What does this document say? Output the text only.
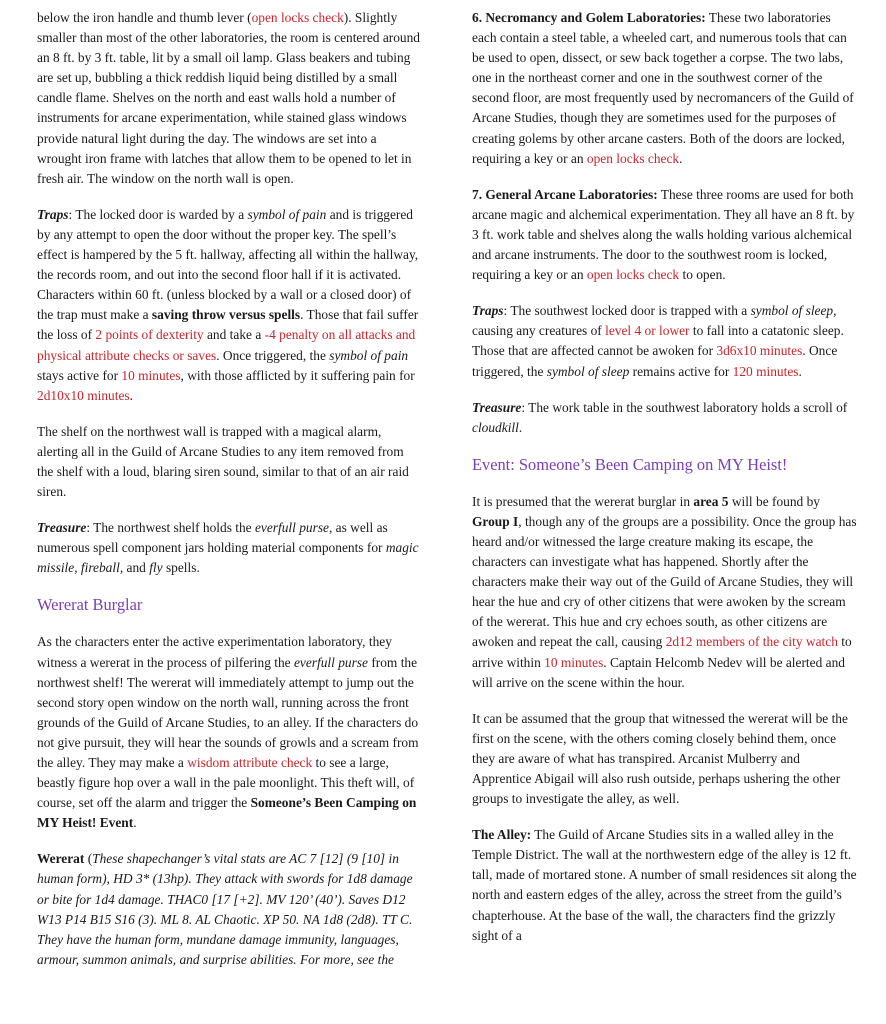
below the iron handle and thumb lever (open locks check). Slightly smaller than most of the other laboratories, the room is centered around an 8 ft. by 3 ft. table, lit by a small oil lamp. Glass beakers and tubing are set up, bubbling a thick reddish liquid being distilled by a small candle flame. Shelves on the north and east walls hold a number of instruments for arcane experimentation, while stained glass windows provide natural light during the day. The windows are set into a wrought iron frame with latches that allow them to be opened to let in fresh air. The window on the north wall is open.

Traps: The locked door is warded by a symbol of pain and is triggered by any attempt to open the door without the proper key. The spell’s effect is hampered by the 5 ft. hallway, affecting all within the hallway, the records room, and out into the second floor hall if it is activated. Characters within 60 ft. (unless blocked by a wall or a closed door) of the trap must make a saving throw versus spells. Those that fail suffer the loss of 2 points of dexterity and take a -4 penalty on all attacks and physical attribute checks or saves. Once triggered, the symbol of pain stays active for 10 minutes, with those afflicted by it suffering pain for 2d10x10 minutes.

The shelf on the northwest wall is trapped with a magical alarm, alerting all in the Guild of Arcane Studies to any item removed from the shelf with a loud, blaring siren sound, similar to that of an air raid siren.

Treasure: The northwest shelf holds the everfull purse, as well as numerous spell component jars holding material components for magic missile, fireball, and fly spells.

Wererat Burglar

As the characters enter the active experimentation laboratory, they witness a wererat in the process of pilfering the everfull purse from the northwest shelf! The wererat will immediately attempt to jump out the second story open window on the north wall, running across the front grounds of the Guild of Arcane Studies, to an alley. If the characters do not give pursuit, they will hear the sounds of growls and a scream from the alley. They may make a wisdom attribute check to see a large, beastly figure hop over a wall in the pale moonlight. This theft will, of course, set off the alarm and trigger the Someone’s Been Camping on MY Heist! Event.

Wererat (These shapechanger’s vital stats are AC 7 [12] (9 [10] in human form), HD 3* (13hp). They attack with swords for 1d8 damage or bite for 1d4 damage. THAC0 [17 [+2]. MV 120’ (40’). Saves D12 W13 P14 B15 S16 (3). ML 8. AL Chaotic. XP 50. NA 1d8 (2d8). TT C. They have the human form, mundane damage immunity, languages, armour, summon animals, and surprise abilities. For more, see the

6. Necromancy and Golem Laboratories: These two laboratories each contain a steel table, a wheeled cart, and numerous tools that can be used to open, dissect, or sew back together a corpse. The two labs, one in the northeast corner and one in the southwest corner of the second floor, are most frequently used by necromancers of the Guild of Arcane Studies, though they are sometimes used for the purposes of creating golems by other arcane casters. Both of the doors are locked, requiring a key or an open locks check.

7. General Arcane Laboratories: These three rooms are used for both arcane magic and alchemical experimentation. They all have an 8 ft. by 3 ft. work table and shelves along the walls holding various alchemical and arcane instruments. The door to the southwest room is locked, requiring a key or an open locks check to open.

Traps: The southwest locked door is trapped with a symbol of sleep, causing any creatures of level 4 or lower to fall into a catatonic sleep. Those that are affected cannot be awoken for 3d6x10 minutes. Once triggered, the symbol of sleep remains active for 120 minutes.

Treasure: The work table in the southwest laboratory holds a scroll of cloudkill.

Event: Someone’s Been Camping on MY Heist!

It is presumed that the wererat burglar in area 5 will be found by Group I, though any of the groups are a possibility. Once the group has heard and/or witnessed the large creature making its escape, the characters can investigate what has happened. Shortly after the characters make their way out of the Guild of Arcane Studies, they will hear the hue and cry of other citizens that were awoken by the scream of the wererat. This hue and cry echoes south, as other citizens are awoken and repeat the call, causing 2d12 members of the city watch to arrive within 10 minutes. Captain Helcomb Nedev will be alerted and will arrive on the scene within the hour.

It can be assumed that the group that witnessed the wererat will be the first on the scene, with the others coming closely behind them, once they are aware of what has transpired. Arcanist Mulberry and Apprentice Abigail will also rush outside, perhaps ushering the other groups to investigate the alley, as well.

The Alley: The Guild of Arcane Studies sits in a walled alley in the Temple District. The wall at the northwestern edge of the alley is 12 ft. tall, made of mortared stone. A number of small residences sit along the north and eastern edges of the alley, across the street from the guild’s chapterhouse. At the base of the wall, the characters find the grizzly sight of a
